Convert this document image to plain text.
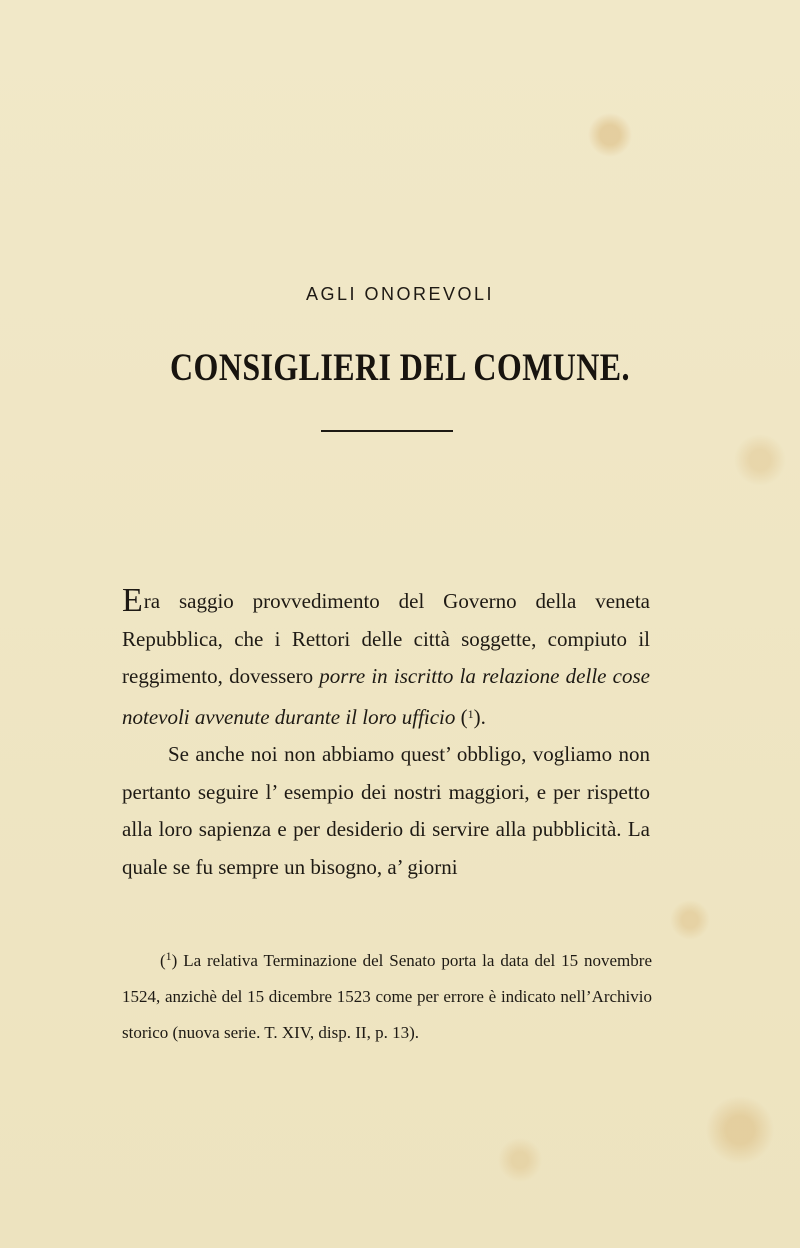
AGLI ONOREVOLI
CONSIGLIERI DEL COMUNE.

Era saggio provvedimento del Governo della veneta Repubblica, che i Rettori delle città soggette, compiuto il reggimento, dovessero porre in iscritto la relazione delle cose notevoli avvenute durante il loro ufficio ($^1$).

Se anche noi non abbiamo quest’ obbligo, vogliamo non pertanto seguire l’ esempio dei nostri maggiori, e per rispetto alla loro sapienza e per desiderio di servire alla pubblicità. La quale se fu sempre un bisogno, a’ giorni

($^1$) La relativa Terminazione del Senato porta la data del 15 novembre 1524, anzichè del 15 dicembre 1523 come per errore è indicato nell’Archivio storico (nuova serie. T. XIV, disp. II, p. 13).
